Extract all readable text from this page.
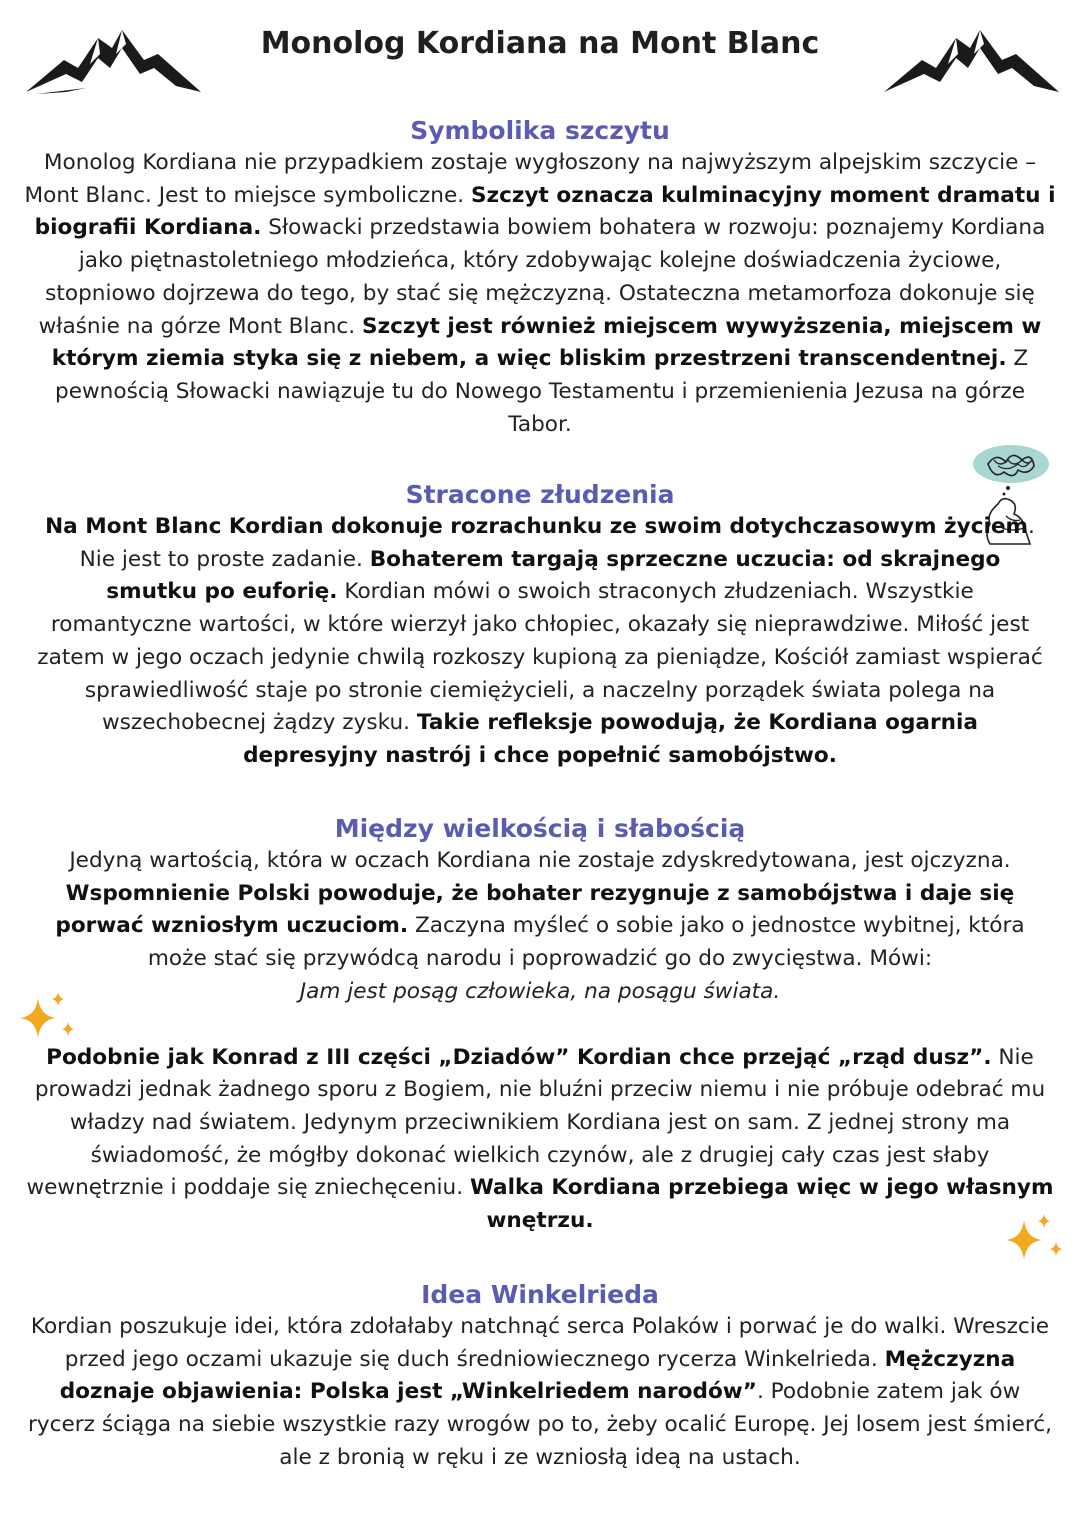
Monolog Kordiana na Mont Blanc
Symbolika szczytu

Monolog Kordiana nie przypadkiem zostaje wygłoszony na najwyższym alpejskim szczycie – Mont Blanc. Jest to miejsce symboliczne. Szczyt oznacza kulminacyjny moment dramatu i biografii Kordiana. Słowacki przedstawia bowiem bohatera w rozwoju: poznajemy Kordiana jako piętnastoletniego młodzieńca, który zdobywając kolejne doświadczenia życiowe, stopniowo dojrzewa do tego, by stać się mężczyzną. Ostateczna metamorfoza dokonuje się właśnie na górze Mont Blanc. Szczyt jest również miejscem wywyższenia, miejscem w którym ziemia styka się z niebem, a więc bliskim przestrzeni transcendentnej. Z pewnością Słowacki nawiązuje tu do Nowego Testamentu i przemienienia Jezusa na górze Tabor.

Stracone złudzenia

Na Mont Blanc Kordian dokonuje rozrachunku ze swoim dotychczasowym życiem. Nie jest to proste zadanie. Bohaterem targają sprzeczne uczucia: od skrajnego smutku po euforię. Kordian mówi o swoich straconych złudzeniach. Wszystkie romantyczne wartości, w które wierzył jako chłopiec, okazały się nieprawdziwe. Miłość jest zatem w jego oczach jedynie chwilą rozkoszy kupioną za pieniądze, Kościół zamiast wspierać sprawiedliwość staje po stronie ciemiężycieli, a naczelny porządek świata polega na wszechobecnej żądzy zysku. Takie refleksje powodują, że Kordiana ogarnia depresyjny nastrój i chce popełnić samobójstwo.

Między wielkością i słabością

Jedyną wartością, która w oczach Kordiana nie zostaje zdyskredytowana, jest ojczyzna. Wspomnienie Polski powoduje, że bohater rezygnuje z samobójstwa i daje się porwać wzniosłym uczuciom. Zaczyna myśleć o sobie jako o jednostce wybitnej, która może stać się przywódcą narodu i poprowadzić go do zwycięstwa. Mówi:

Jam jest posąg człowieka, na posągu świata.

Podobnie jak Konrad z III części „Dziadów” Kordian chce przejąć „rząd dusz”. Nie prowadzi jednak żadnego sporu z Bogiem, nie bluźni przeciw niemu i nie próbuje odebrać mu władzy nad światem. Jedynym przeciwnikiem Kordiana jest on sam. Z jednej strony ma świadomość, że mógłby dokonać wielkich czynów, ale z drugiej cały czas jest słaby wewnętrznie i poddaje się zniechęceniu. Walka Kordiana przebiega więc w jego własnym wnętrzu.

Idea Winkelrieda

Kordian poszukuje idei, która zdołałaby natchnąć serca Polaków i porwać je do walki. Wreszcie przed jego oczami ukazuje się duch średniowiecznego rycerza Winkelrieda. Mężczyzna doznaje objawienia: Polska jest „Winkelriedem narodów”. Podobnie zatem jak ów rycerz ściąga na siebie wszystkie razy wrogów po to, żeby ocalić Europę. Jej losem jest śmierć, ale z bronią w ręku i ze wzniosłą ideą na ustach.
